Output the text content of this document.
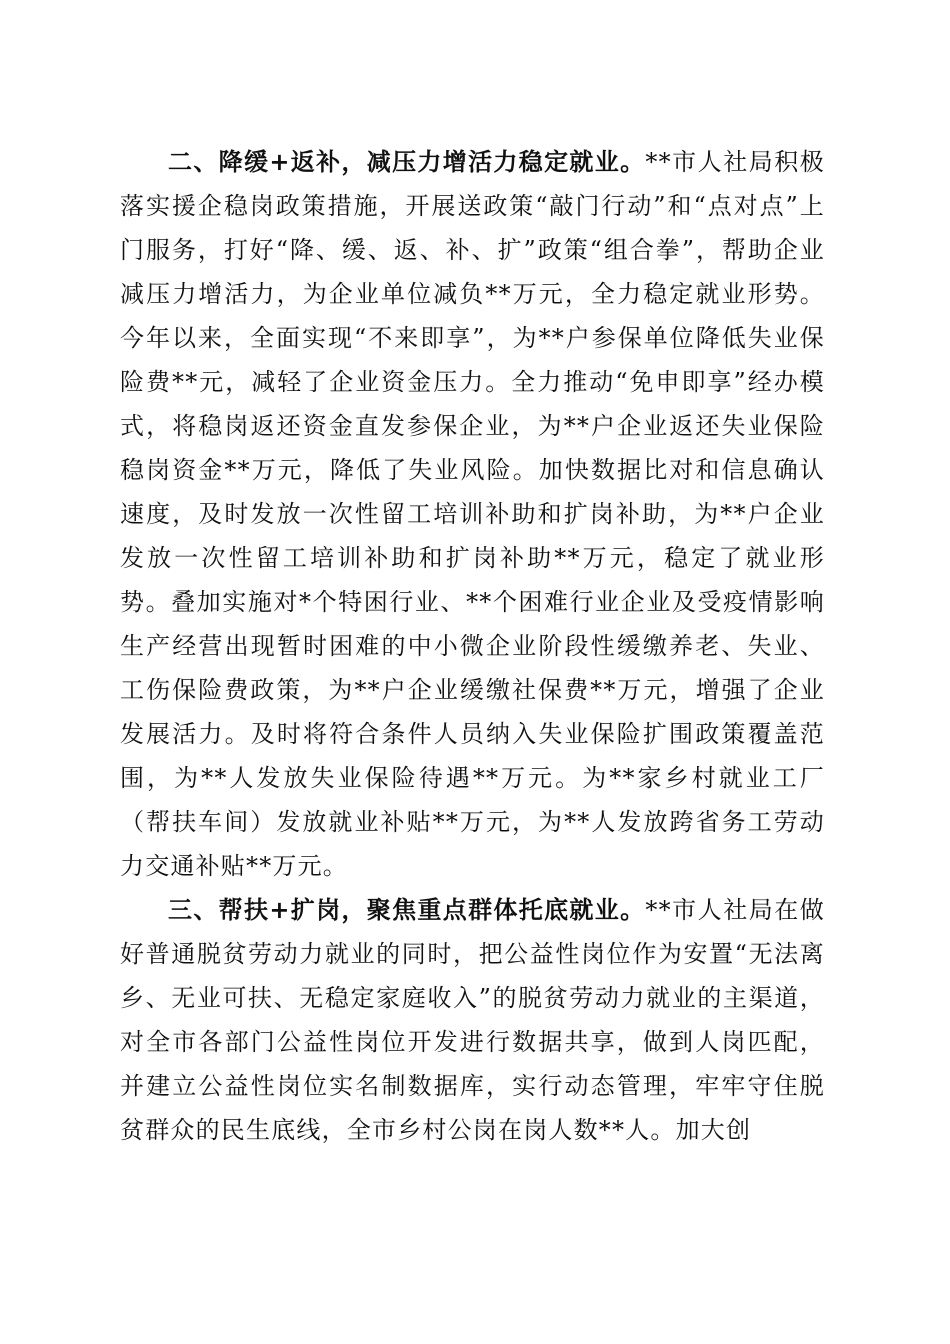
二、降缓+返补，减压力增活力稳定就业。**市人社局积极落实援企稳岗政策措施，开展送政策“敲门行动”和“点对点”上门服务，打好“降、缓、返、补、扩”政策“组合拳”，帮助企业减压力增活力，为企业单位减负**万元，全力稳定就业形势。今年以来，全面实现“不来即享”，为**户参保单位降低失业保险费**元，减轻了企业资金压力。全力推动“免申即享”经办模式，将稳岗返还资金直发参保企业，为**户企业返还失业保险稳岗资金**万元，降低了失业风险。加快数据比对和信息确认速度，及时发放一次性留工培训补助和扩岗补助，为**户企业发放一次性留工培训补助和扩岗补助**万元，稳定了就业形势。叠加实施对*个特困行业、**个困难行业企业及受疫情影响生产经营出现暂时困难的中小微企业阶段性缓缴养老、失业、工伤保险费政策，为**户企业缓缴社保费**万元，增强了企业发展活力。及时将符合条件人员纳入失业保险扩围政策覆盖范围，为**人发放失业保险待遇**万元。为**家乡村就业工厂（帮扶车间）发放就业补贴**万元，为**人发放跨省务工劳动力交通补贴**万元。

三、帮扶+扩岗，聚焦重点群体托底就业。**市人社局在做好普通脱贫劳动力就业的同时，把公益性岗位作为安置“无法离乡、无业可扶、无稳定家庭收入”的脱贫劳动力就业的主渠道，对全市各部门公益性岗位开发进行数据共享，做到人岗匹配，并建立公益性岗位实名制数据库，实行动态管理，牢牢守住脱贫群众的民生底线，全市乡村公岗在岗人数**人。加大创
